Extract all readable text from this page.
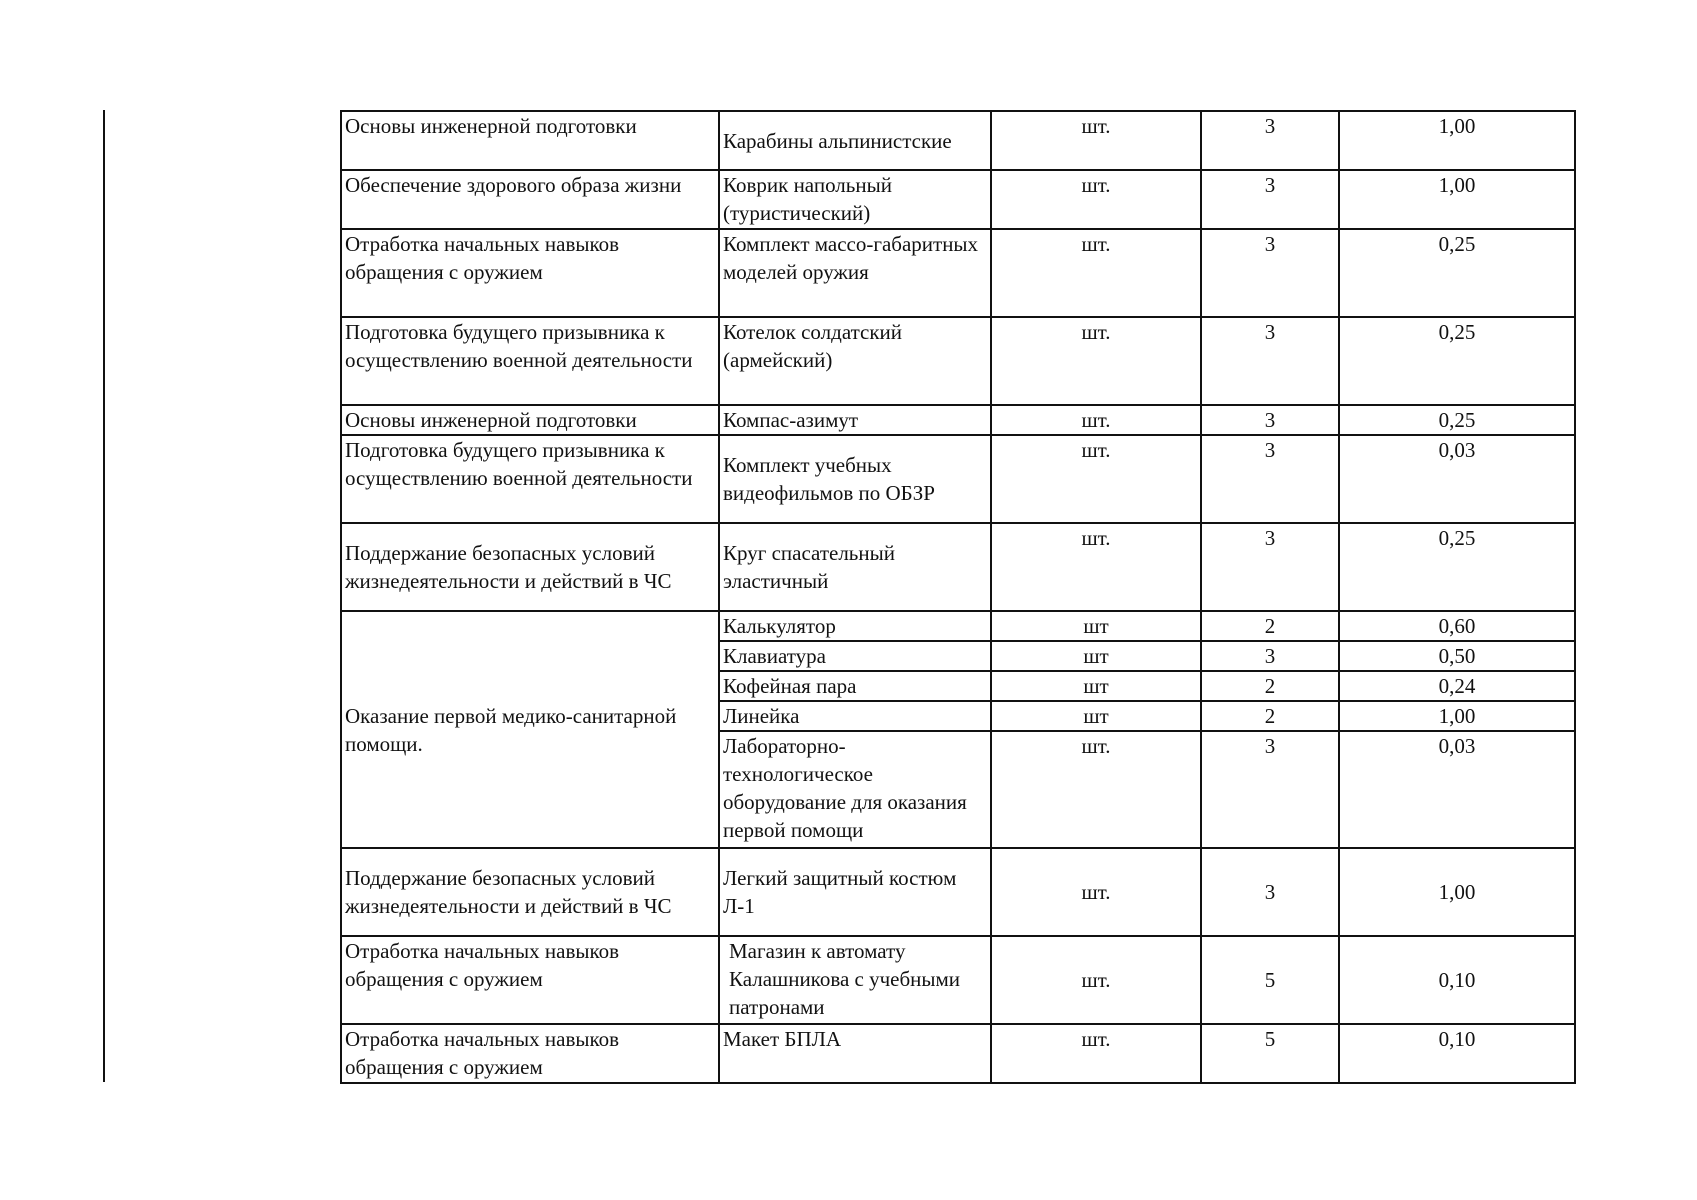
Основы инженерной подготовки	Карабины альпинистские	шт.	3	1,00

Обеспечение здорового образа жизни	Коврик напольный (туристический)	шт.	3	1,00

Отработка начальных навыков обращения с оружием	Комплект массо-габаритных моделей оружия	шт.	3	0,25

Подготовка будущего призывника к осуществлению военной деятельности	Котелок солдатский (армейский)	шт.	3	0,25

Основы инженерной подготовки	Компас-азимут	шт.	3	0,25

Подготовка будущего призывника к осуществлению военной деятельности	Комплект учебных видеофильмов по ОБЗР	шт.	3	0,03

Поддержание безопасных условий жизнедеятельности и действий в ЧС	Круг спасательный эластичный	шт.	3	0,25

Оказание первой медико-санитарной помощи.	Калькулятор	шт	2	0,60

	Клавиатура	шт	3	0,50

	Кофейная пара	шт	2	0,24

	Линейка	шт	2	1,00

	Лабораторно-технологическое оборудование для оказания первой помощи	шт.	3	0,03

Поддержание безопасных условий жизнедеятельности и действий в ЧС	Легкий защитный костюм Л-1	шт.	3	1,00

Отработка начальных навыков обращения с оружием	Магазин к автомату Калашникова с учебными патронами	шт.	5	0,10

Отработка начальных навыков обращения с оружием	Макет БПЛА	шт.	5	0,10
